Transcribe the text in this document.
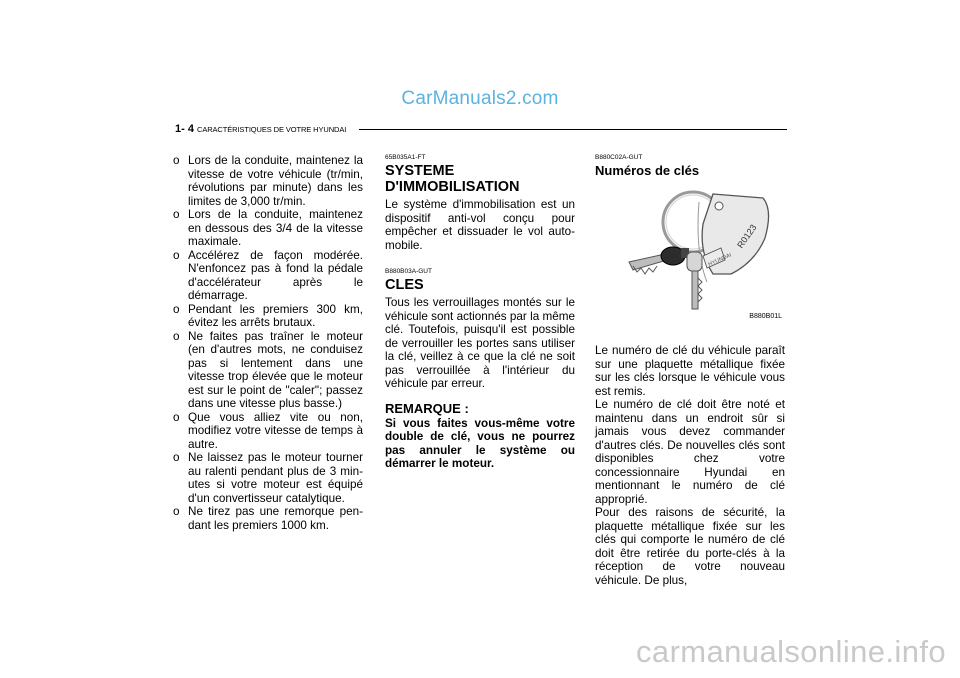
CarManuals2.com
1- 4 CARACTÉRISTIQUES DE VOTRE HYUNDAI
o Lors de la conduite, maintenez la vitesse de votre véhicule (tr/min, révolutions par minute) dans les limites de 3,000 tr/min.
o Lors de la conduite, maintenez en dessous des 3/4 de la vitesse maximale.
o Accélérez de façon modérée. N'enfoncez pas à fond la pédale d'accélérateur après le démarrage.
o Pendant les premiers 300 km, évitez les arrêts brutaux.
o Ne faites pas traîner le moteur (en d'autres mots, ne conduisez pas si lentement dans une vitesse trop élevée que le moteur est sur le point de "caler"; passez dans une vitesse plus basse.)
o Que vous alliez vite ou non, modifiez votre vitesse de temps à autre.
o Ne laissez pas le moteur tourner au ralenti pendant plus de 3 min-utes si votre moteur est équipé d'un convertisseur catalytique.
o Ne tirez pas une remorque pen-dant les premiers 1000 km.
65B035A1-FT
SYSTEME D'IMMOBILISATION
Le système d'immobilisation est un dispositif anti-vol conçu pour empêcher et dissuader le vol auto-mobile.
B880B03A-GUT
CLES
Tous les verrouillages montés sur le véhicule sont actionnés par la même clé. Toutefois, puisqu'il est possible de verrouiller les portes sans utiliser la clé, veillez à ce que la clé ne soit pas verrouillée à l'intérieur du véhicule par erreur.
REMARQUE :
Si vous faites vous-même votre double de clé, vous ne pourrez pas annuler le système ou démarrer le moteur.
B880C02A-GUT
Numéros de clés
R0123
HYUNDAI
B880B01L
Le numéro de clé du véhicule paraît sur une plaquette métallique fixée sur les clés lorsque le véhicule vous est remis.
Le numéro de clé doit être noté et maintenu dans un endroit sûr si jamais vous devez commander d'autres clés. De nouvelles clés sont disponibles chez votre concessionnaire Hyundai en mentionnant le numéro de clé approprié.
Pour des raisons de sécurité, la plaquette métallique fixée sur les clés qui comporte le numéro de clé doit être retirée du porte-clés à la réception de votre nouveau véhicule. De plus,
carmanualsonline.info
